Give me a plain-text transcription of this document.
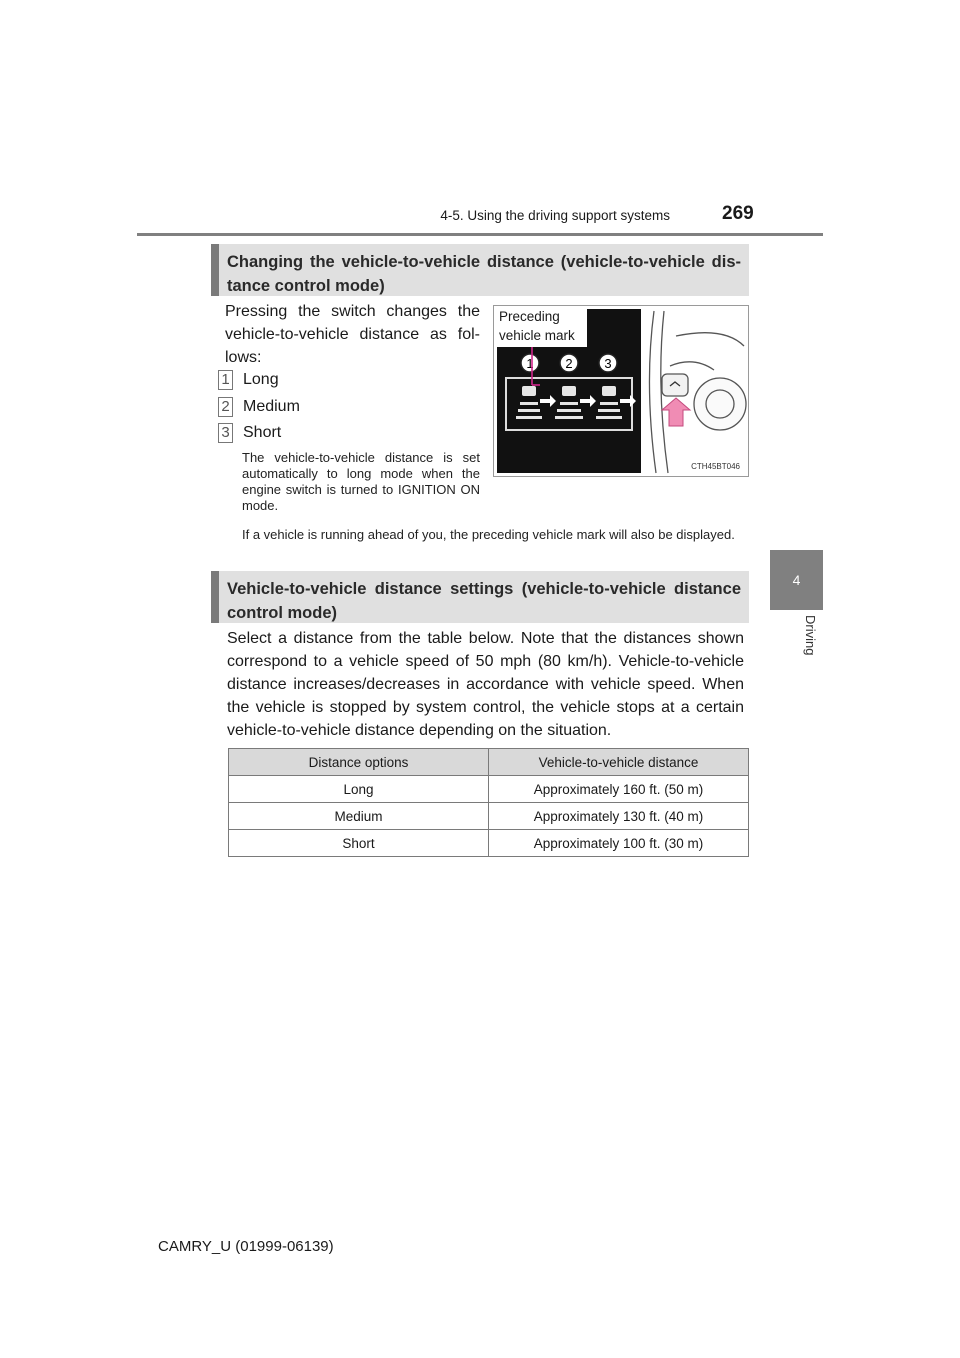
4-5. Using the driving support systems	269
4
Driving
Changing the vehicle-to-vehicle distance (vehicle-to-vehicle dis-tance control mode)
Pressing the switch changes the vehicle-to-vehicle distance as fol-lows:
1 Long
2 Medium
3 Short
The vehicle-to-vehicle distance is set automatically to long mode when the engine switch is turned to IGNITION ON mode.
If a vehicle is running ahead of you, the preceding vehicle mark will also be displayed.
1 2 3
CTH45BT046
Preceding
vehicle mark
Vehicle-to-vehicle distance settings (vehicle-to-vehicle distance control mode)
Select a distance from the table below. Note that the distances shown correspond to a vehicle speed of 50 mph (80 km/h). Vehicle-to-vehicle distance increases/decreases in accordance with vehicle speed. When the vehicle is stopped by system control, the vehicle stops at a certain vehicle-to-vehicle distance depending on the situation.
Distance options	Vehicle-to-vehicle distance
Long	Approximately 160 ft. (50 m)
Medium	Approximately 130 ft. (40 m)
Short	Approximately 100 ft. (30 m)
CAMRY_U (01999-06139)
